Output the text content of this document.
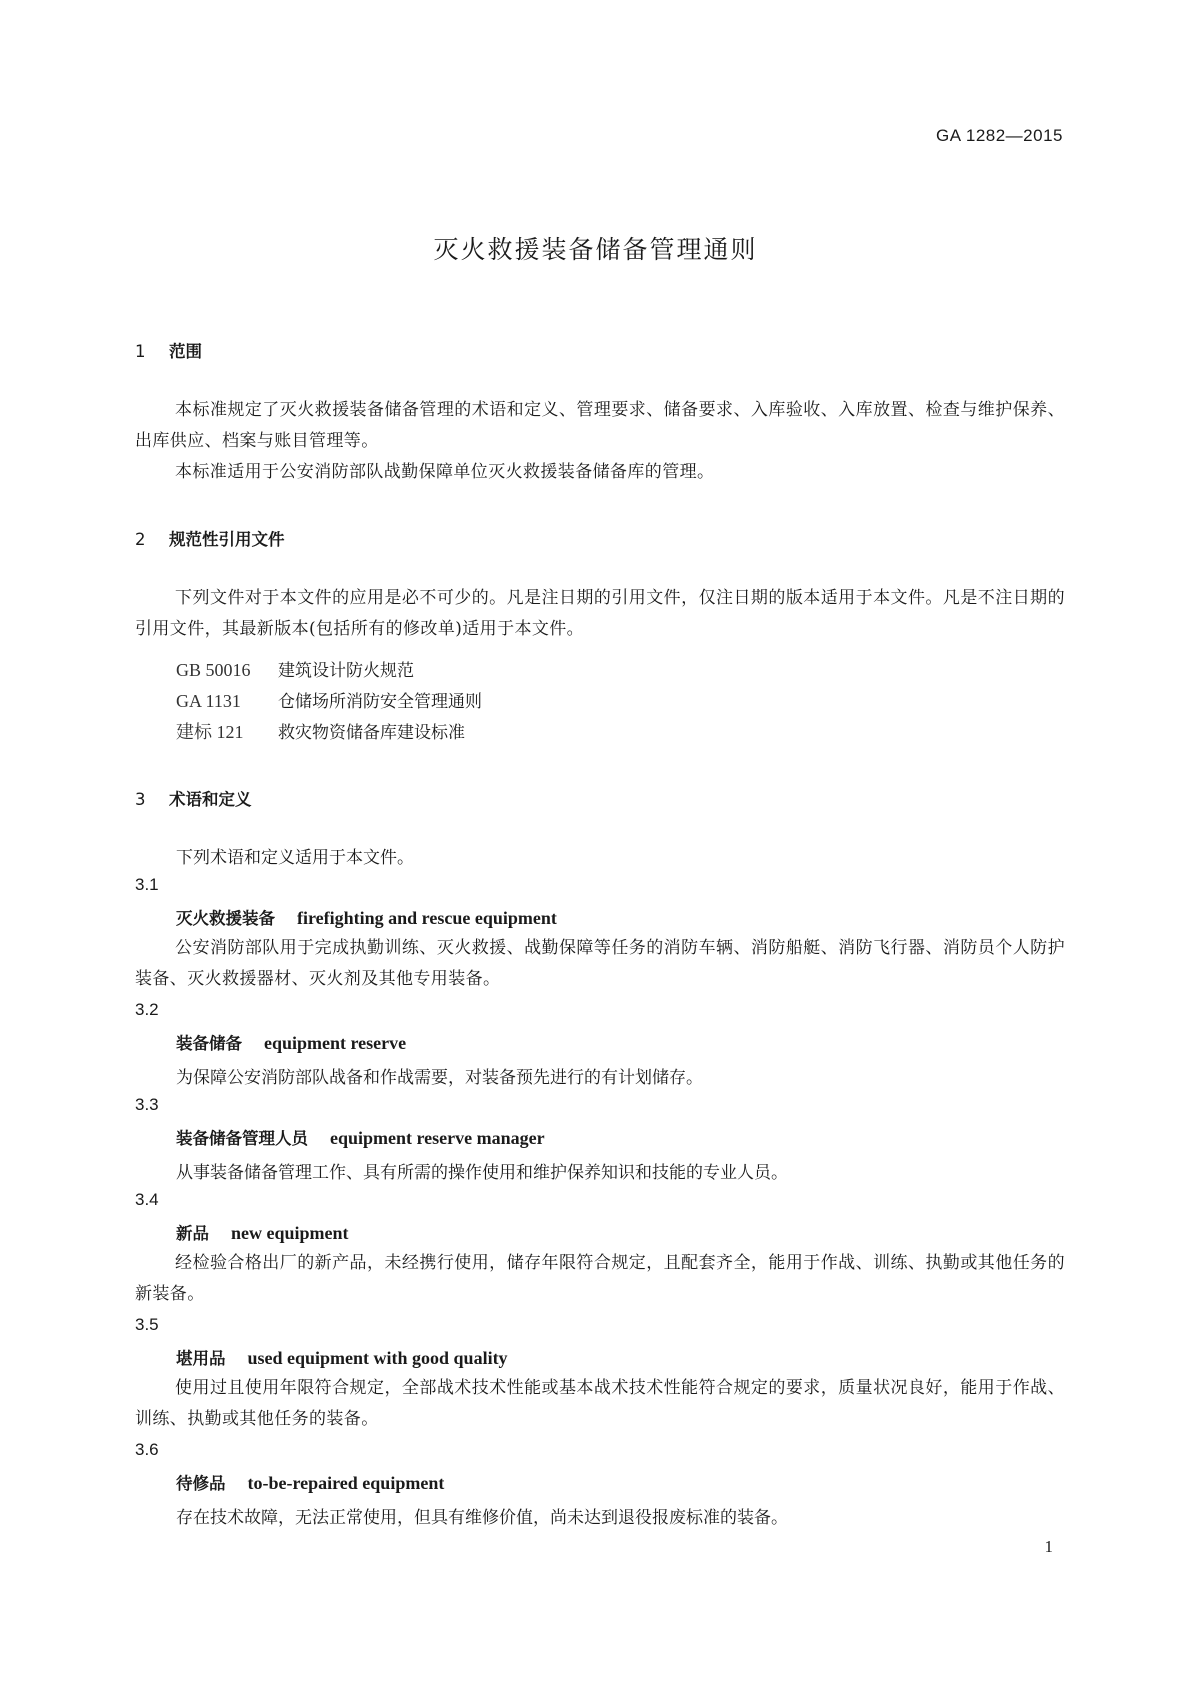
GA 1282—2015
灭火救援装备储备管理通则
1 范围
本标准规定了灭火救援装备储备管理的术语和定义、管理要求、储备要求、入库验收、入库放置、检查与维护保养、出库供应、档案与账目管理等。
本标准适用于公安消防部队战勤保障单位灭火救援装备储备库的管理。
2 规范性引用文件
下列文件对于本文件的应用是必不可少的。凡是注日期的引用文件，仅注日期的版本适用于本文件。凡是不注日期的引用文件，其最新版本(包括所有的修改单)适用于本文件。
GB 50016 建筑设计防火规范
GA 1131 仓储场所消防安全管理通则
建标 121 救灾物资储备库建设标准
3 术语和定义
下列术语和定义适用于本文件。
3.1
灭火救援装备 firefighting and rescue equipment
公安消防部队用于完成执勤训练、灭火救援、战勤保障等任务的消防车辆、消防船艇、消防飞行器、消防员个人防护装备、灭火救援器材、灭火剂及其他专用装备。
3.2
装备储备 equipment reserve
为保障公安消防部队战备和作战需要，对装备预先进行的有计划储存。
3.3
装备储备管理人员 equipment reserve manager
从事装备储备管理工作、具有所需的操作使用和维护保养知识和技能的专业人员。
3.4
新品 new equipment
经检验合格出厂的新产品，未经携行使用，储存年限符合规定，且配套齐全，能用于作战、训练、执勤或其他任务的新装备。
3.5
堪用品 used equipment with good quality
使用过且使用年限符合规定，全部战术技术性能或基本战术技术性能符合规定的要求，质量状况良好，能用于作战、训练、执勤或其他任务的装备。
3.6
待修品 to-be-repaired equipment
存在技术故障，无法正常使用，但具有维修价值，尚未达到退役报废标准的装备。
1
